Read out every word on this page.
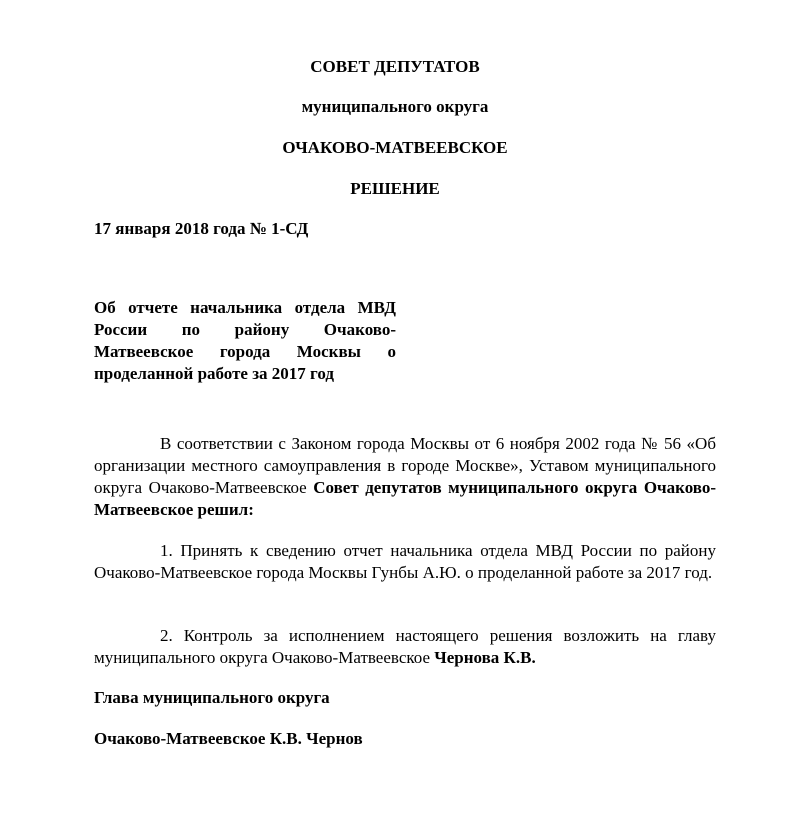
СОВЕТ ДЕПУТАТОВ

муниципального округа

ОЧАКОВО-МАТВЕЕВСКОЕ

РЕШЕНИЕ

17 января 2018 года № 1-СД

Об отчете начальника отдела МВД России по району Очаково-Матвеевское города Москвы о проделанной работе за 2017 год

В соответствии с Законом города Москвы от 6 ноября 2002 года № 56 «Об организации местного самоуправления в городе Москве», Уставом муниципального округа Очаково-Матвеевское Совет депутатов муниципального округа Очаково-Матвеевское решил:

1. Принять к сведению отчет начальника отдела МВД России по району Очаково-Матвеевское города Москвы Гунбы А.Ю. о проделанной работе за 2017 год.

2. Контроль за исполнением настоящего решения возложить на главу муниципального округа Очаково-Матвеевское Чернова К.В.

Глава муниципального округа

Очаково-Матвеевское К.В. Чернов
